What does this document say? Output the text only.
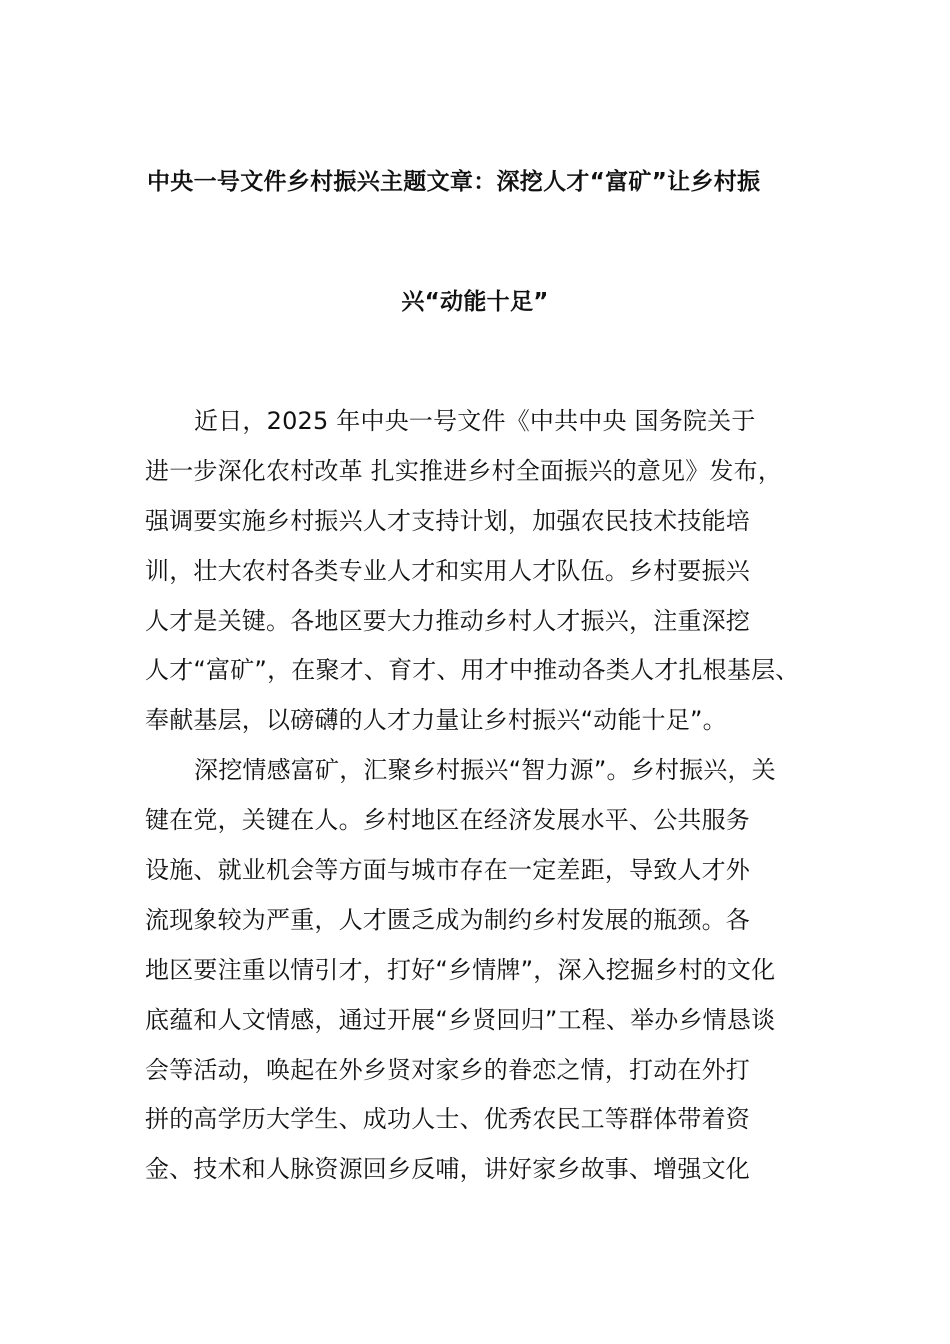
中央一号文件乡村振兴主题文章：深挖人才“富矿”让乡村振
兴“动能十足”
近日，2025 年中央一号文件《中共中央 国务院关于
进一步深化农村改革 扎实推进乡村全面振兴的意见》发布，
强调要实施乡村振兴人才支持计划，加强农民技术技能培
训，壮大农村各类专业人才和实用人才队伍。乡村要振兴
人才是关键。各地区要大力推动乡村人才振兴，注重深挖
人才“富矿”，在聚才、育才、用才中推动各类人才扎根基层、
奉献基层，以磅礴的人才力量让乡村振兴“动能十足”。
深挖情感富矿，汇聚乡村振兴“智力源”。乡村振兴，关
键在党，关键在人。乡村地区在经济发展水平、公共服务
设施、就业机会等方面与城市存在一定差距，导致人才外
流现象较为严重，人才匮乏成为制约乡村发展的瓶颈。各
地区要注重以情引才，打好“乡情牌”，深入挖掘乡村的文化
底蕴和人文情感，通过开展“乡贤回归”工程、举办乡情恳谈
会等活动，唤起在外乡贤对家乡的眷恋之情，打动在外打
拼的高学历大学生、成功人士、优秀农民工等群体带着资
金、技术和人脉资源回乡反哺，讲好家乡故事、增强文化
